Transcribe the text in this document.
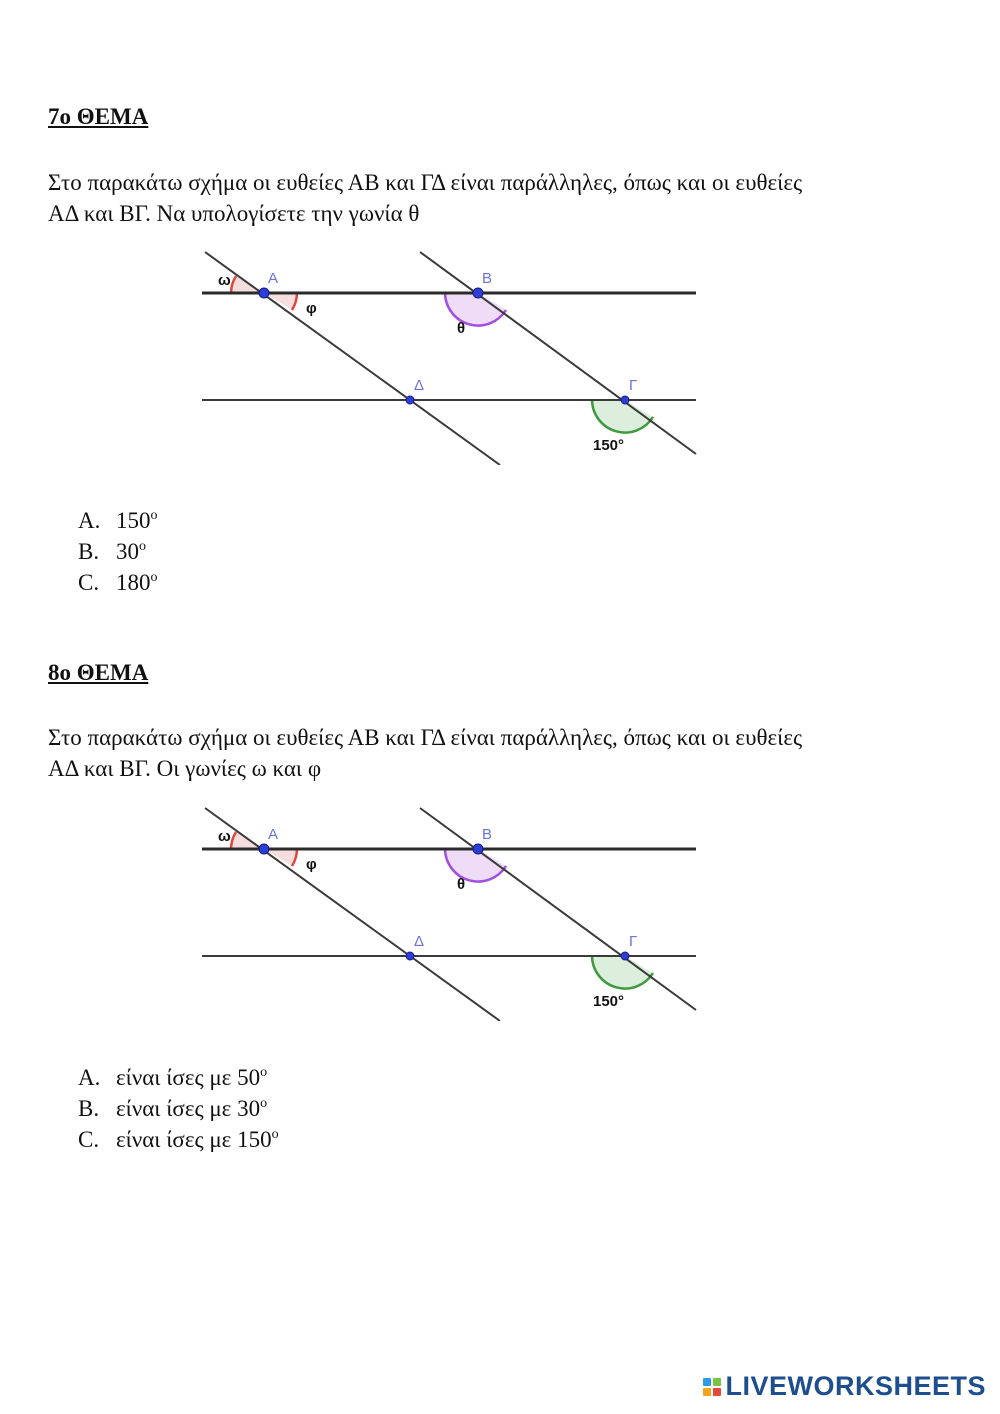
7ο ΘΕΜΑ

Στο παρακάτω σχήμα οι ευθείες ΑΒ και ΓΔ είναι παράλληλες, όπως και οι ευθείες
ΑΔ και ΒΓ. Να υπολογίσετε την γωνία θ

A	B
Δ	Γ
ω
φ
θ
150°
A. 150$^o$
B. 30$^o$
C. 180$^o$
8ο ΘΕΜΑ

Στο παρακάτω σχήμα οι ευθείες ΑΒ και ΓΔ είναι παράλληλες, όπως και οι ευθείες
ΑΔ και ΒΓ. Οι γωνίες ω και φ

A	B
Δ	Γ
ω
φ
θ
150°
A. είναι ίσες με 50$^o$
B. είναι ίσες με 30$^o$
C. είναι ίσες με 150$^o$
LIVEWORKSHEETS
